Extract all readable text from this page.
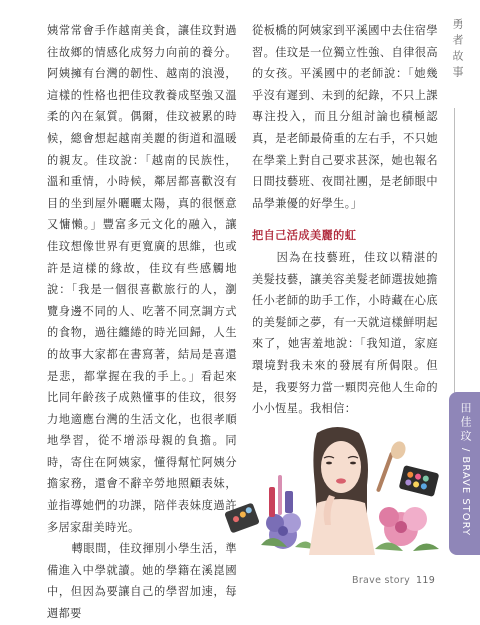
勇者故事

姨常常會手作越南美食，讓佳玟對過往故鄉的情感化成努力向前的養分。阿姨擁有台灣的韌性、越南的浪漫，這樣的性格也把佳玟教養成堅強又溫柔的內在氣質。偶爾，佳玟被累的時候，總會想起越南美麗的街道和溫暖的親友。佳玟說：「越南的民族性，溫和重情，小時候，鄰居都喜歡沒有目的坐到屋外曬曬太陽，真的很愜意又慵懶。」豐富多元文化的融入，讓佳玟想像世界有更寬廣的思維，也或許是這樣的緣故，佳玟有些感觸地說：「我是一個很喜歡旅行的人，瀏覽身邊不同的人、吃著不同烹調方式的食物，過往纏綣的時光回歸，人生的故事大家都在書寫著，結局是喜還是悲，都掌握在我的手上。」看起來比同年齡孩子成熟懂事的佳玟，很努力地適應台灣的生活文化，也很孝順地學習，從不增添母親的負擔。同時，寄住在阿姨家，懂得幫忙阿姨分擔家務，還會不辭辛勞地照顧表妹，並指導她們的功課，陪伴表妹度過許多居家甜美時光。

轉眼間，佳玟揮別小學生活，準備進入中學就讀。她的學籍在溪崑國中，但因為要讓自己的學習加速，每週都要

從板橋的阿姨家到平溪國中去住宿學習。佳玟是一位獨立性強、自律很高的女孩。平溪國中的老師說：「她幾乎沒有遲到、未到的紀錄，不只上課專注投入，而且分組討論也積極認真，是老師最倚重的左右手，不只她在學業上對自己要求甚深，她也報名日間技藝班、夜間社團，是老師眼中品學兼優的好學生。」

把自己活成美麗的虹

因為在技藝班，佳玟以精湛的美髮技藝，讓美容美髮老師選拔她擔任小老師的助手工作，小時藏在心底的美髮師之夢，有一天就這樣鮮明起來了，她害羞地說：「我知道，家庭環境對我未來的發展有所侷限。但是，我要努力當一顆閃亮他人生命的小小恆星。我相信：	田佳玟/BRAVE STORY
Brave story 119
